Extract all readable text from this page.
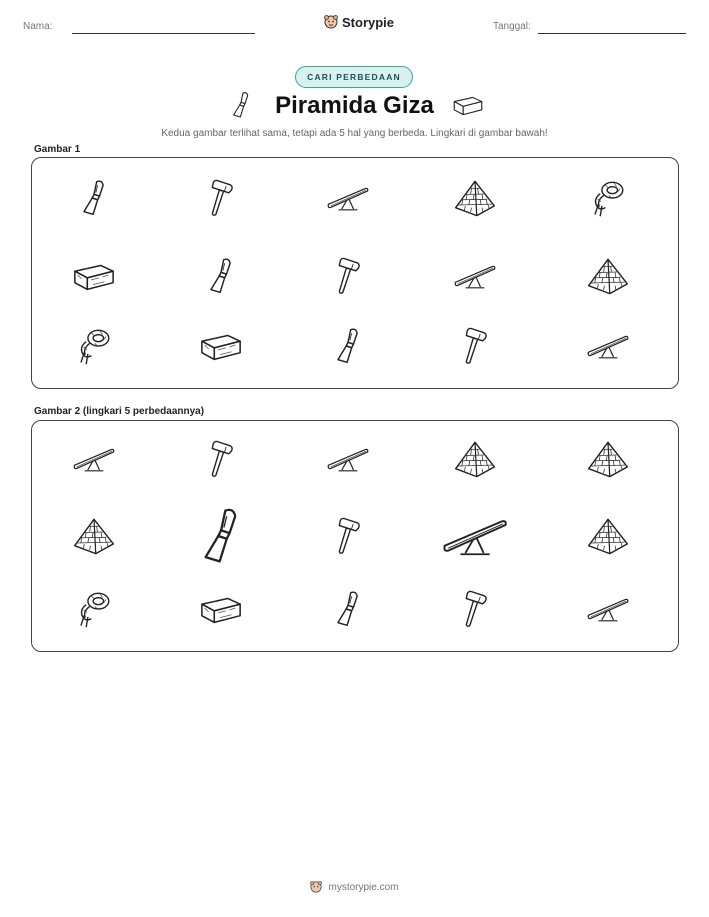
Nama:	Storypie	Tanggal:
CARI PERBEDAAN
Piramida Giza
Kedua gambar terlihat sama, tetapi ada 5 hal yang berbeda. Lingkari di gambar bawah!
Gambar 1
Gambar 2 (lingkari 5 perbedaannya)
mystorypie.com
